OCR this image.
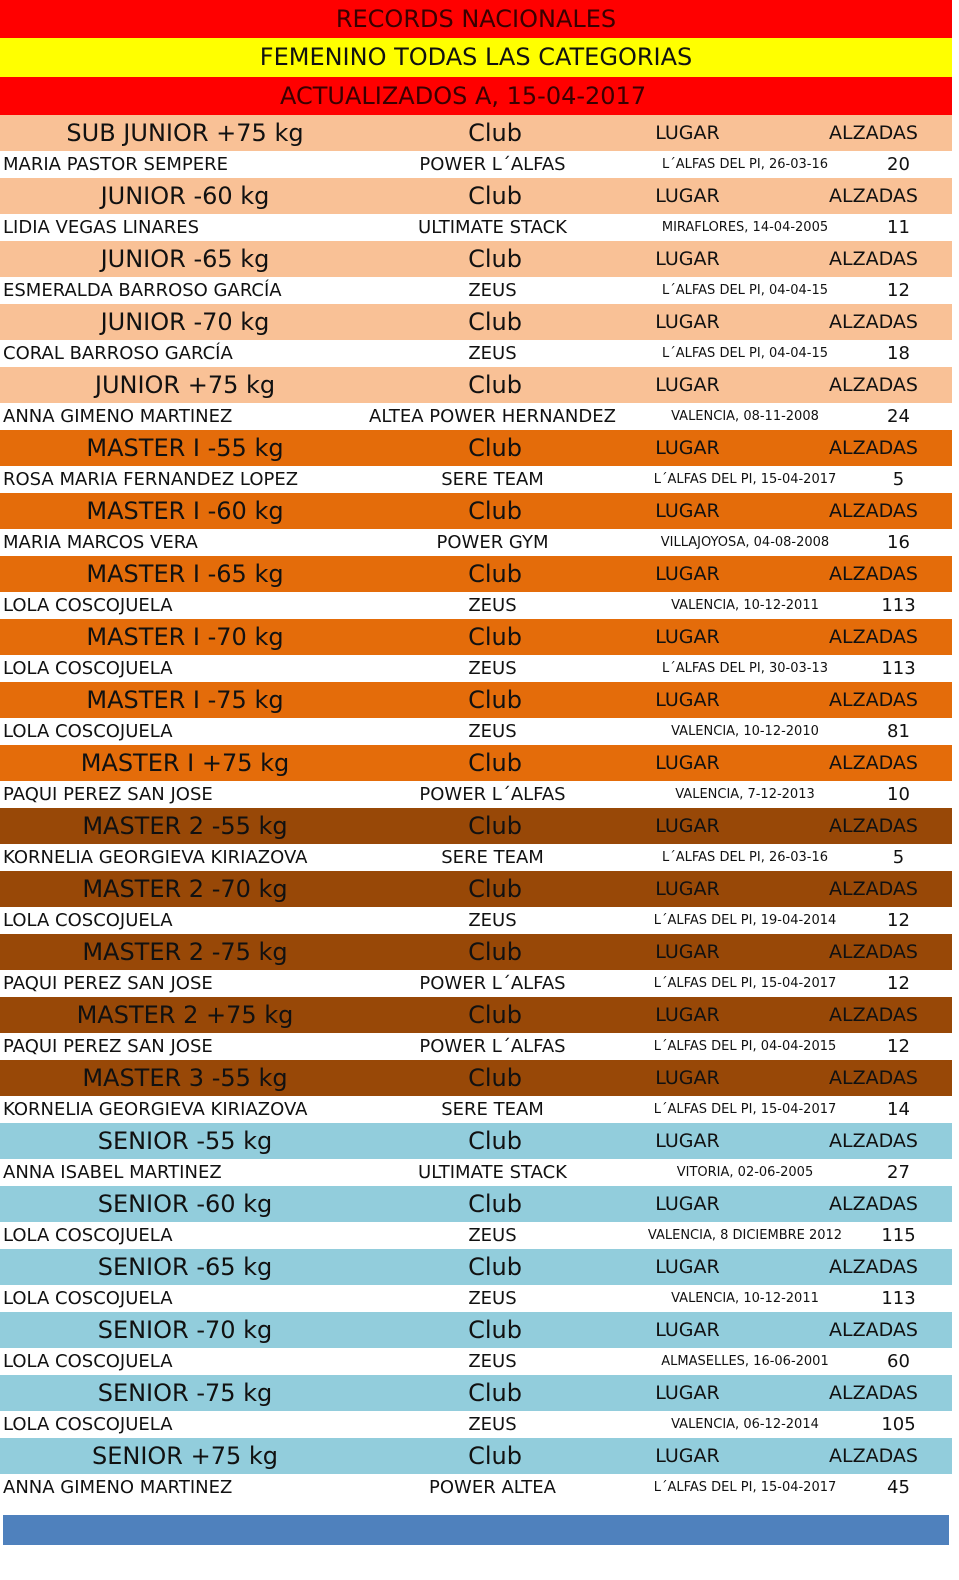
RECORDS NACIONALES
FEMENINO TODAS LAS CATEGORIAS
ACTUALIZADOS A, 15-04-2017
SUB JUNIOR +75 kg	Club	LUGAR	ALZADAS
MARIA PASTOR SEMPERE	POWER L´ALFAS	L´ALFAS DEL PI, 26-03-16	20
JUNIOR -60 kg	Club	LUGAR	ALZADAS
LIDIA VEGAS LINARES	ULTIMATE STACK	MIRAFLORES, 14-04-2005	11
JUNIOR -65 kg	Club	LUGAR	ALZADAS
ESMERALDA BARROSO GARCÍA	ZEUS	L´ALFAS DEL PI, 04-04-15	12
JUNIOR -70 kg	Club	LUGAR	ALZADAS
CORAL BARROSO GARCÍA	ZEUS	L´ALFAS DEL PI, 04-04-15	18
JUNIOR +75 kg	Club	LUGAR	ALZADAS
ANNA GIMENO MARTINEZ	ALTEA POWER HERNANDEZ	VALENCIA, 08-11-2008	24
MASTER I -55 kg	Club	LUGAR	ALZADAS
ROSA MARIA FERNANDEZ LOPEZ	SERE TEAM	L´ALFAS DEL PI, 15-04-2017	5
MASTER I -60 kg	Club	LUGAR	ALZADAS
MARIA MARCOS VERA	POWER GYM	VILLAJOYOSA, 04-08-2008	16
MASTER I -65 kg	Club	LUGAR	ALZADAS
LOLA COSCOJUELA	ZEUS	VALENCIA, 10-12-2011	113
MASTER I -70 kg	Club	LUGAR	ALZADAS
LOLA COSCOJUELA	ZEUS	L´ALFAS DEL PI, 30-03-13	113
MASTER I -75 kg	Club	LUGAR	ALZADAS
LOLA COSCOJUELA	ZEUS	VALENCIA, 10-12-2010	81
MASTER I +75 kg	Club	LUGAR	ALZADAS
PAQUI PEREZ SAN JOSE	POWER L´ALFAS	VALENCIA, 7-12-2013	10
MASTER 2 -55 kg	Club	LUGAR	ALZADAS
KORNELIA GEORGIEVA KIRIAZOVA	SERE TEAM	L´ALFAS DEL PI, 26-03-16	5
MASTER 2 -70 kg	Club	LUGAR	ALZADAS
LOLA COSCOJUELA	ZEUS	L´ALFAS DEL PI, 19-04-2014	12
MASTER 2 -75 kg	Club	LUGAR	ALZADAS
PAQUI PEREZ SAN JOSE	POWER L´ALFAS	L´ALFAS DEL PI, 15-04-2017	12
MASTER 2 +75 kg	Club	LUGAR	ALZADAS
PAQUI PEREZ SAN JOSE	POWER L´ALFAS	L´ALFAS DEL PI, 04-04-2015	12
MASTER 3 -55 kg	Club	LUGAR	ALZADAS
KORNELIA GEORGIEVA KIRIAZOVA	SERE TEAM	L´ALFAS DEL PI, 15-04-2017	14
SENIOR -55 kg	Club	LUGAR	ALZADAS
ANNA ISABEL MARTINEZ	ULTIMATE STACK	VITORIA, 02-06-2005	27
SENIOR -60 kg	Club	LUGAR	ALZADAS
LOLA COSCOJUELA	ZEUS	VALENCIA, 8 DICIEMBRE 2012	115
SENIOR -65 kg	Club	LUGAR	ALZADAS
LOLA COSCOJUELA	ZEUS	VALENCIA, 10-12-2011	113
SENIOR -70 kg	Club	LUGAR	ALZADAS
LOLA COSCOJUELA	ZEUS	ALMASELLES, 16-06-2001	60
SENIOR -75 kg	Club	LUGAR	ALZADAS
LOLA COSCOJUELA	ZEUS	VALENCIA, 06-12-2014	105
SENIOR +75 kg	Club	LUGAR	ALZADAS
ANNA GIMENO MARTINEZ	POWER ALTEA	L´ALFAS DEL PI, 15-04-2017	45
